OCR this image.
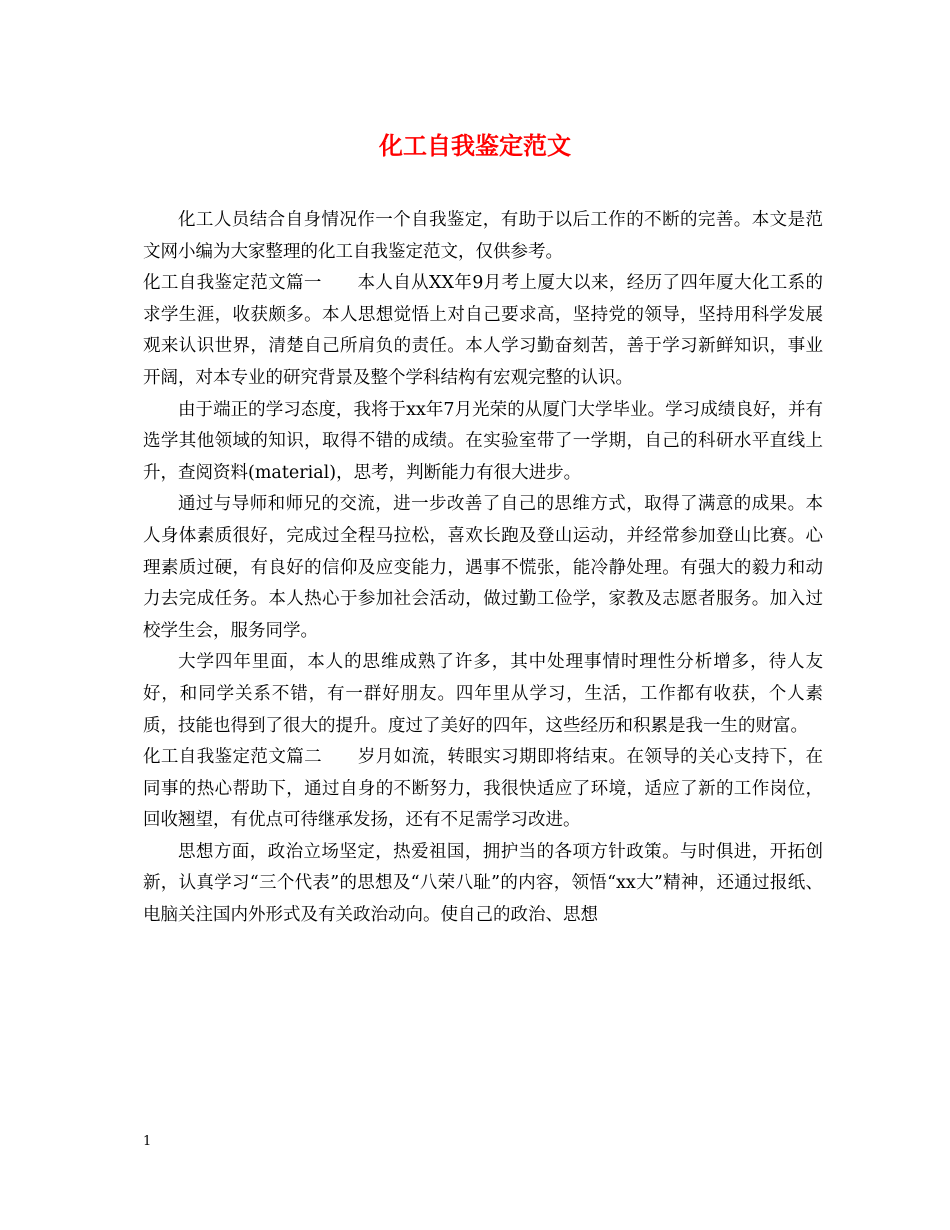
化工自我鉴定范文

化工人员结合自身情况作一个自我鉴定，有助于以后工作的不断的完善。本文是范文网小编为大家整理的化工自我鉴定范文，仅供参考。

化工自我鉴定范文篇一　　本人自从XX年9月考上厦大以来，经历了四年厦大化工系的求学生涯，收获颇多。本人思想觉悟上对自己要求高，坚持党的领导，坚持用科学发展观来认识世界，清楚自己所肩负的责任。本人学习勤奋刻苦，善于学习新鲜知识，事业开阔，对本专业的研究背景及整个学科结构有宏观完整的认识。

由于端正的学习态度，我将于xx年7月光荣的从厦门大学毕业。学习成绩良好，并有选学其他领域的知识，取得不错的成绩。在实验室带了一学期，自己的科研水平直线上升，查阅资料(material)，思考，判断能力有很大进步。

通过与导师和师兄的交流，进一步改善了自己的思维方式，取得了满意的成果。本人身体素质很好，完成过全程马拉松，喜欢长跑及登山运动，并经常参加登山比赛。心理素质过硬，有良好的信仰及应变能力，遇事不慌张，能冷静处理。有强大的毅力和动力去完成任务。本人热心于参加社会活动，做过勤工俭学，家教及志愿者服务。加入过校学生会，服务同学。

大学四年里面，本人的思维成熟了许多，其中处理事情时理性分析增多，待人友好，和同学关系不错，有一群好朋友。四年里从学习，生活，工作都有收获，个人素质，技能也得到了很大的提升。度过了美好的四年，这些经历和积累是我一生的财富。

化工自我鉴定范文篇二　　岁月如流，转眼实习期即将结束。在领导的关心支持下，在同事的热心帮助下，通过自身的不断努力，我很快适应了环境，适应了新的工作岗位，回收翘望，有优点可待继承发扬，还有不足需学习改进。

思想方面，政治立场坚定，热爱祖国，拥护当的各项方针政策。与时俱进，开拓创新，认真学习“三个代表”的思想及“八荣八耻”的内容，领悟“xx大”精神，还通过报纸、电脑关注国内外形式及有关政治动向。使自己的政治、思想

1
